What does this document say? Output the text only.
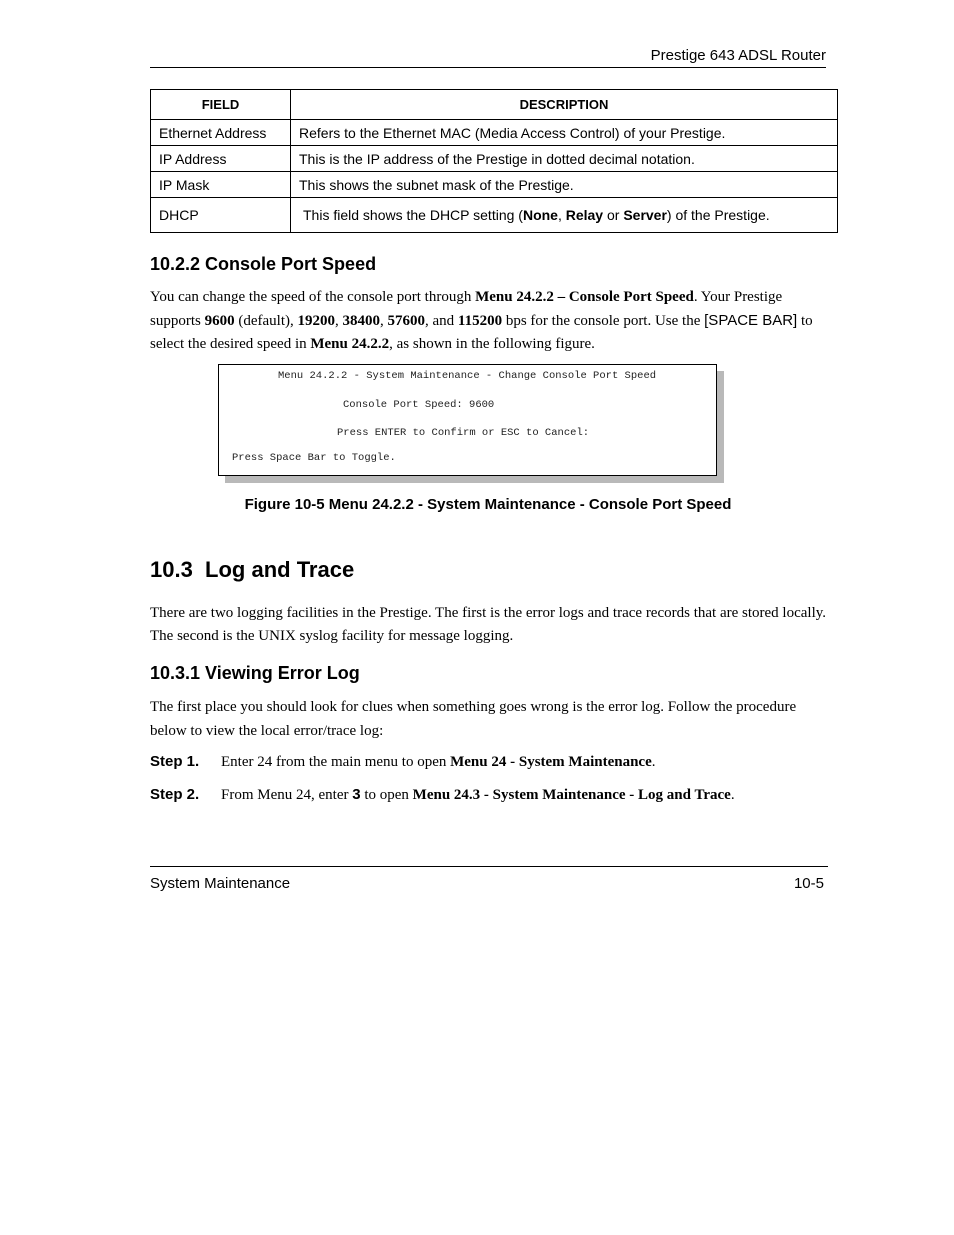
Prestige 643 ADSL Router
FIELD	DESCRIPTION
Ethernet Address	Refers to the Ethernet MAC (Media Access Control) of your Prestige.
IP Address	This is the IP address of the Prestige in dotted decimal notation.
IP Mask	This shows the subnet mask of the Prestige.
DHCP	This field shows the DHCP setting (None, Relay or Server) of the Prestige.
10.2.2 Console Port Speed

You can change the speed of the console port through Menu 24.2.2 – Console Port Speed. Your Prestige supports 9600 (default), 19200, 38400, 57600, and 115200 bps for the console port. Use the [SPACE BAR] to select the desired speed in Menu 24.2.2, as shown in the following figure.

Menu 24.2.2 - System Maintenance - Change Console Port Speed
Console Port Speed: 9600
Press ENTER to Confirm or ESC to Cancel:
Press Space Bar to Toggle.
Figure 10-5 Menu 24.2.2 - System Maintenance - Console Port Speed
10.3  Log and Trace

There are two logging facilities in the Prestige. The first is the error logs and trace records that are stored locally. The second is the UNIX syslog facility for message logging.

10.3.1 Viewing Error Log

The first place you should look for clues when something goes wrong is the error log. Follow the procedure below to view the local error/trace log:

Step 1. Enter 24 from the main menu to open Menu 24 - System Maintenance.
Step 2. From Menu 24, enter 3 to open Menu 24.3 - System Maintenance - Log and Trace.
System Maintenance	10-5
